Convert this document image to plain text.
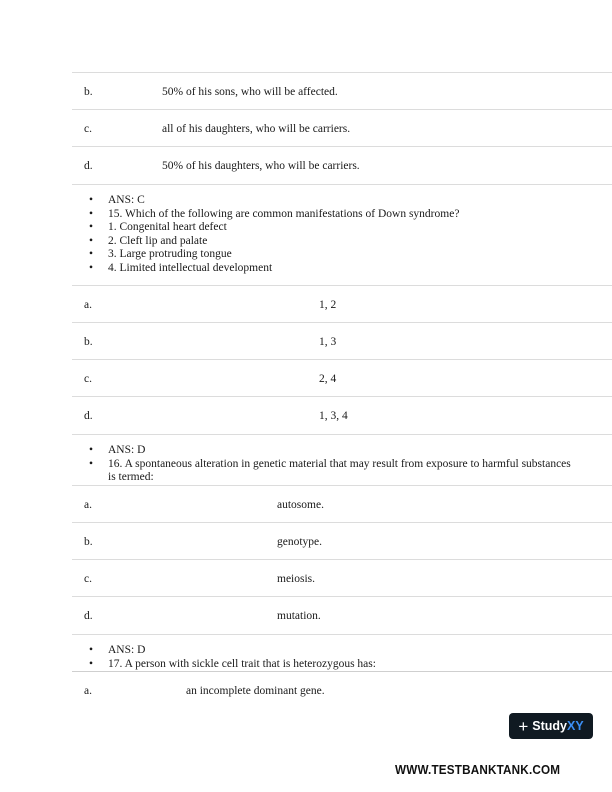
b.	50% of his sons, who will be affected.
c.	all of his daughters, who will be carriers.
d.	50% of his daughters, who will be carriers.
• ANS: C
• 15. Which of the following are common manifestations of Down syndrome?
• 1. Congenital heart defect
• 2. Cleft lip and palate
• 3. Large protruding tongue
• 4. Limited intellectual development
a.	1, 2
b.	1, 3
c.	2, 4
d.	1, 3, 4
• ANS: D
• 16. A spontaneous alteration in genetic material that may result from exposure to harmful substances is termed:
a.	autosome.
b.	genotype.
c.	meiosis.
d.	mutation.
• ANS: D
• 17. A person with sickle cell trait that is heterozygous has:
a.	an incomplete dominant gene.
+ StudyXY
WWW.TESTBANKTANK.COM
